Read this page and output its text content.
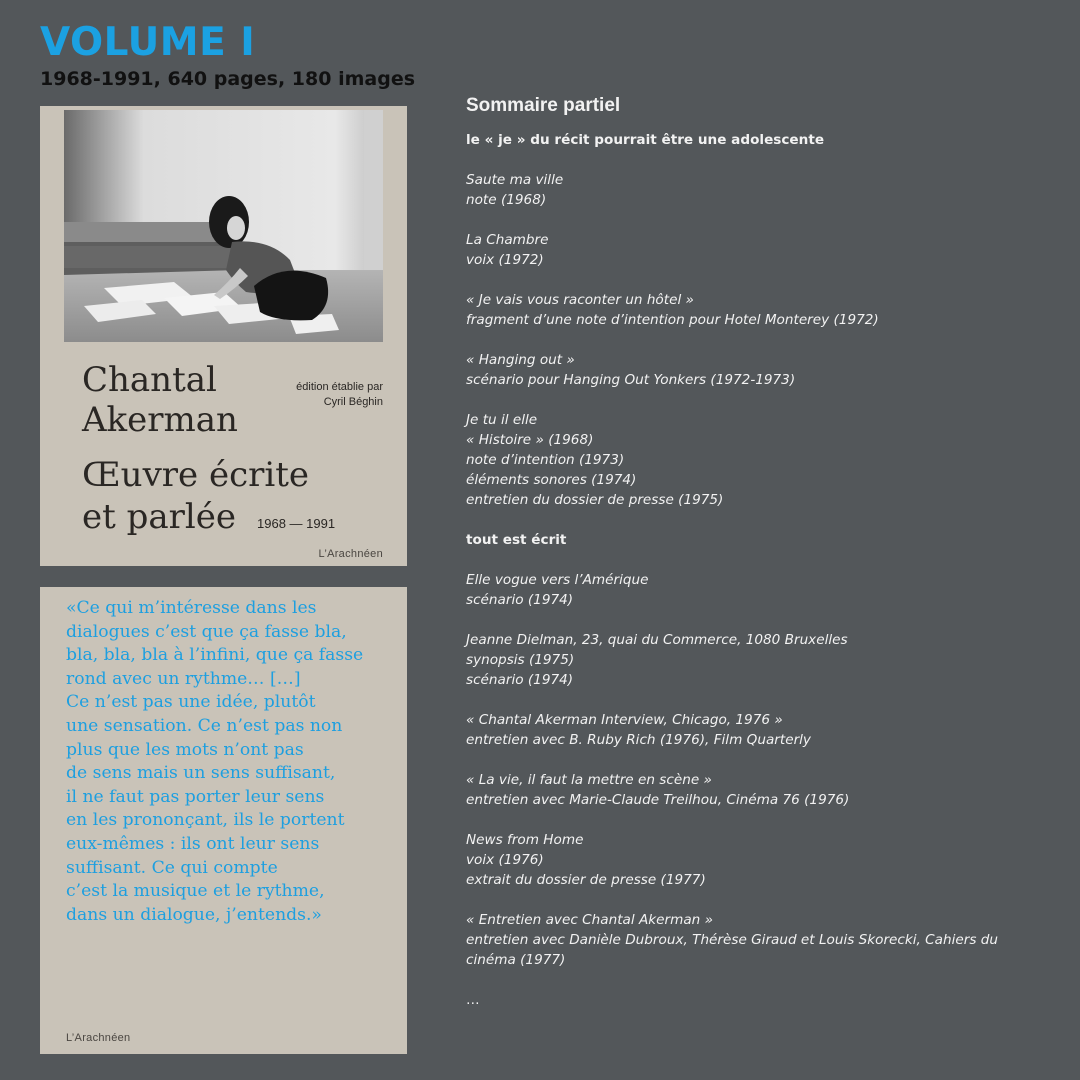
VOLUME I
1968-1991, 640 pages, 180 images
Chantal
Akerman
édition établie par
Cyril Béghin
Œuvre écrite
et parlée	1968 — 1991
L’Arachnéen
«Ce qui m’intéresse dans les
dialogues c’est que ça fasse bla,
bla, bla, bla à l’infini, que ça fasse
rond avec un rythme… […]
Ce n’est pas une idée, plutôt
une sensation. Ce n’est pas non
plus que les mots n’ont pas
de sens mais un sens suffisant,
il ne faut pas porter leur sens
en les prononçant, ils le portent
eux-mêmes : ils ont leur sens
suffisant. Ce qui compte
c’est la musique et le rythme,
dans un dialogue, j’entends.»
L’Arachnéen
Sommaire partiel
le « je » du récit pourrait être une adolescente
Saute ma ville
note (1968)
La Chambre
voix (1972)
« Je vais vous raconter un hôtel »
fragment d’une note d’intention pour Hotel Monterey (1972)
« Hanging out »
scénario pour Hanging Out Yonkers (1972-1973)
Je tu il elle
« Histoire » (1968)
note d’intention (1973)
éléments sonores (1974)
entretien du dossier de presse (1975)
tout est écrit
Elle vogue vers l’Amérique
scénario (1974)
Jeanne Dielman, 23, quai du Commerce, 1080 Bruxelles
synopsis (1975)
scénario (1974)
« Chantal Akerman Interview, Chicago, 1976 »
entretien avec B. Ruby Rich (1976), Film Quarterly
« La vie, il faut la mettre en scène »
entretien avec Marie-Claude Treilhou, Cinéma 76 (1976)
News from Home
voix (1976)
extrait du dossier de presse (1977)
« Entretien avec Chantal Akerman »
entretien avec Danièle Dubroux, Thérèse Giraud et Louis Skorecki, Cahiers du cinéma (1977)
…
